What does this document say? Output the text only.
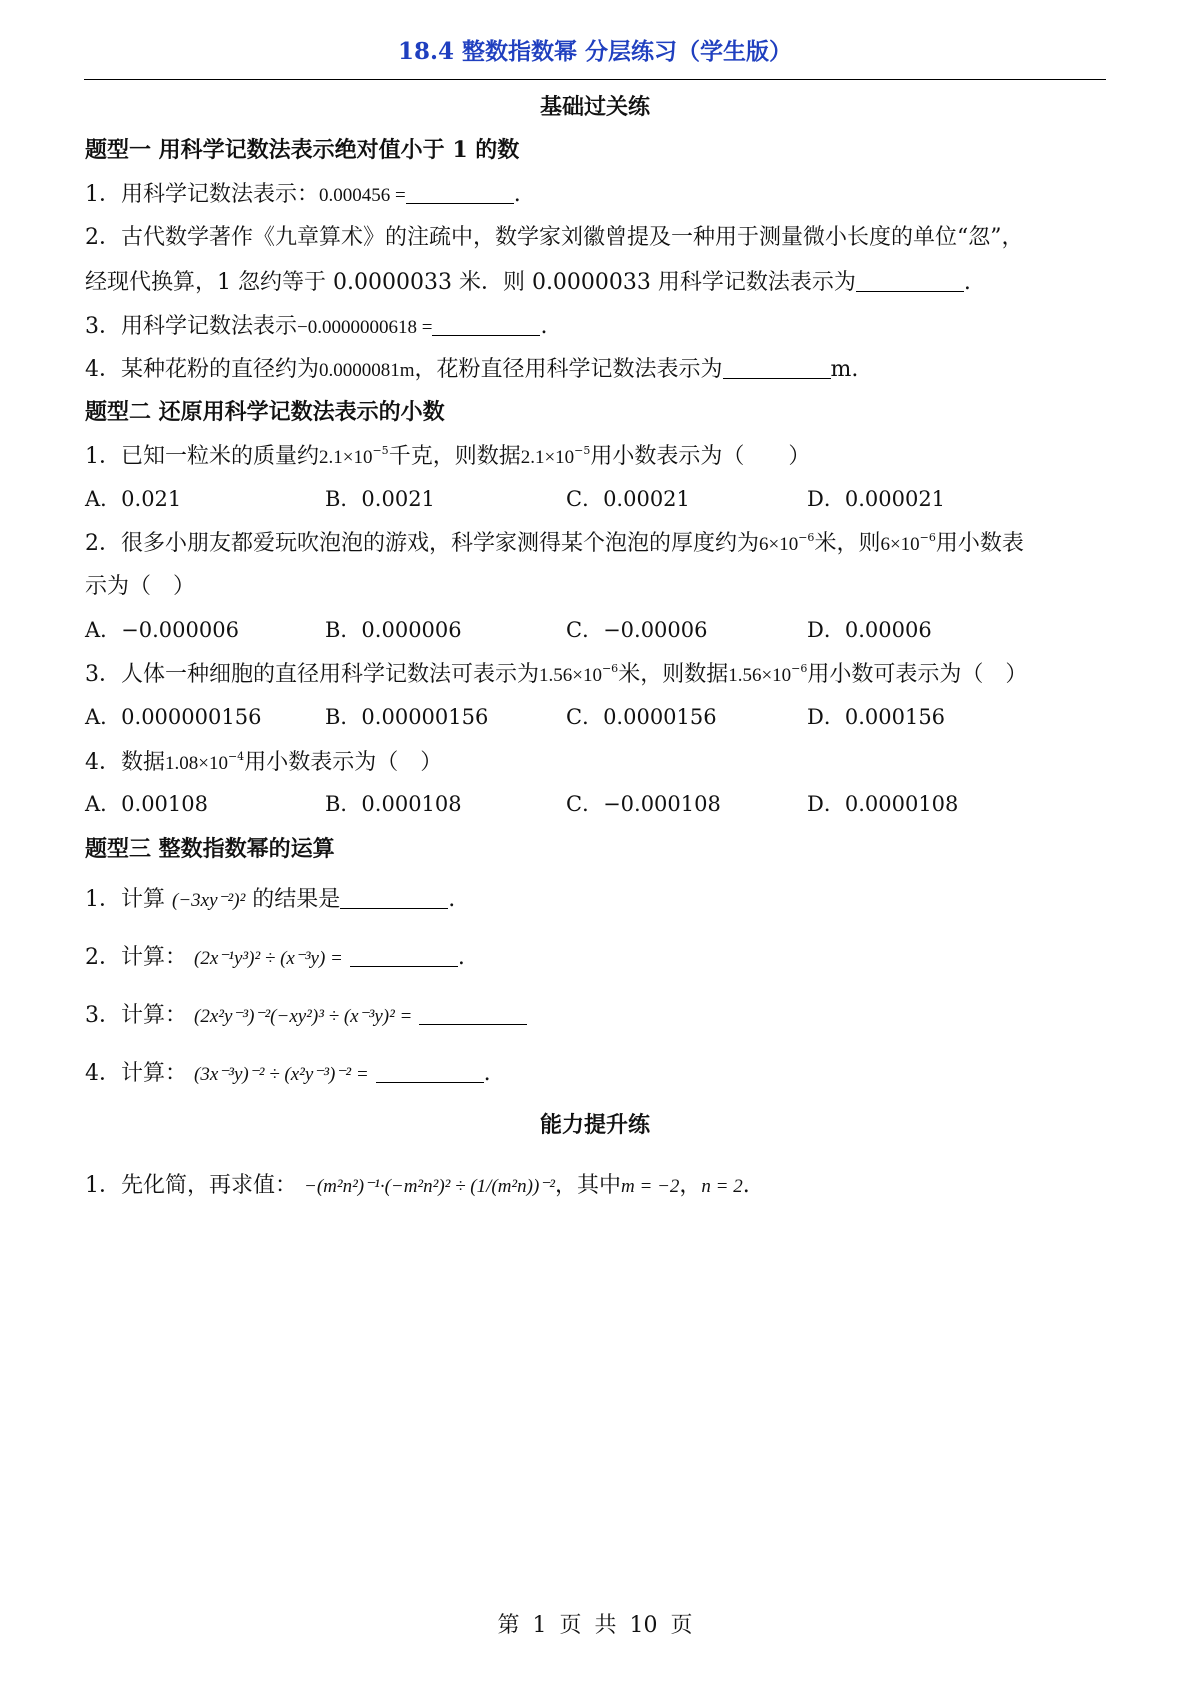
18.4 整数指数幂 分层练习（学生版）
基础过关练
题型一 用科学记数法表示绝对值小于 1 的数
1．用科学记数法表示：0.000456 =	.
2．古代数学著作《九章算术》的注疏中，数学家刘徽曾提及一种用于测量微小长度的单位“忽”，
经现代换算，1 忽约等于 0.0000033 米．则 0.0000033 用科学记数法表示为	.
3．用科学记数法表示−0.0000000618 =	.
4．某种花粉的直径约为0.0000081m，花粉直径用科学记数法表示为	m.
题型二 还原用科学记数法表示的小数
1．已知一粒米的质量约$2.1\times 10^{-5}$千克，则数据$2.1\times 10^{-5}$用小数表示为（　　）
A．0.021	B．0.0021	C．0.00021	D．0.000021
2．很多小朋友都爱玩吹泡泡的游戏，科学家测得某个泡泡的厚度约为$6\times 10^{-6}$米，则$6\times 10^{-6}$用小数表
示为（　）
A．−0.000006	B．0.000006	C．−0.00006	D．0.00006
3．人体一种细胞的直径用科学记数法可表示为$1.56\times 10^{-6}$米，则数据$1.56\times 10^{-6}$用小数可表示为（　）
A．0.000000156	B．0.00000156	C．0.0000156	D．0.000156
4．数据$1.08\times 10^{-4}$用小数表示为（　）
A．0.00108	B．0.000108	C．−0.000108	D．0.0000108
题型三 整数指数幂的运算
1．计算 (−3xy⁻²)² 的结果是	.
2．计算： (2x⁻¹y³)² ÷ (x⁻³y) =	.
3．计算： (2x²y⁻³)⁻²(−xy²)³ ÷ (x⁻³y)² =
4．计算： (3x⁻³y)⁻² ÷ (x²y⁻³)⁻² =	.
能力提升练
1．先化简，再求值： −(m²n²)⁻¹·(−m²n²)² ÷ (1/(m²n))⁻²，其中m = −2，n = 2.
第 1 页 共 10 页
